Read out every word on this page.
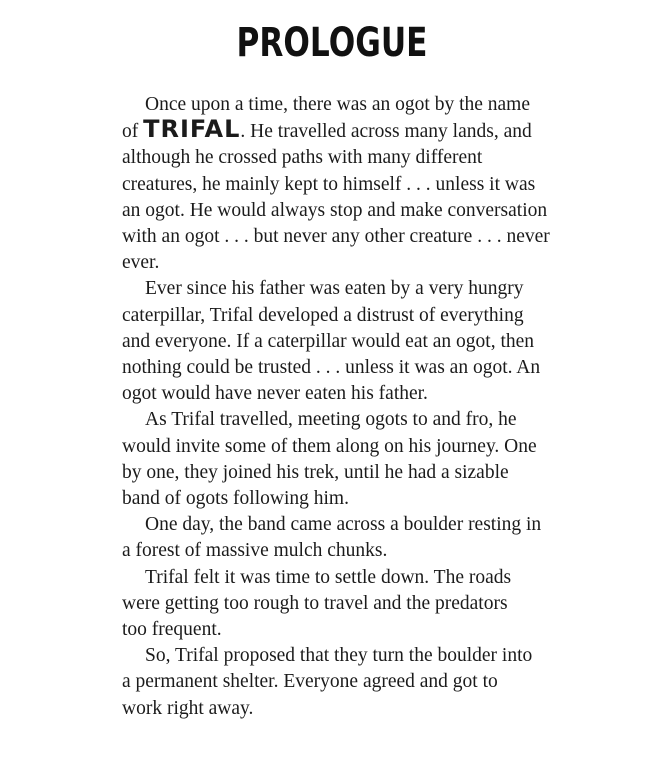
PROLOGUE
Once upon a time, there was an ogot by the name
of TRIFAL. He travelled across many lands, and
although he crossed paths with many different
creatures, he mainly kept to himself . . . unless it was
an ogot. He would always stop and make conversation
with an ogot . . . but never any other creature . . . never
ever.
Ever since his father was eaten by a very hungry
caterpillar, Trifal developed a distrust of everything
and everyone. If a caterpillar would eat an ogot, then
nothing could be trusted . . . unless it was an ogot. An
ogot would have never eaten his father.
As Trifal travelled, meeting ogots to and fro, he
would invite some of them along on his journey. One
by one, they joined his trek, until he had a sizable
band of ogots following him.
One day, the band came across a boulder resting in
a forest of massive mulch chunks.
Trifal felt it was time to settle down. The roads
were getting too rough to travel and the predators
too frequent.
So, Trifal proposed that they turn the boulder into
a permanent shelter. Everyone agreed and got to
work right away.
